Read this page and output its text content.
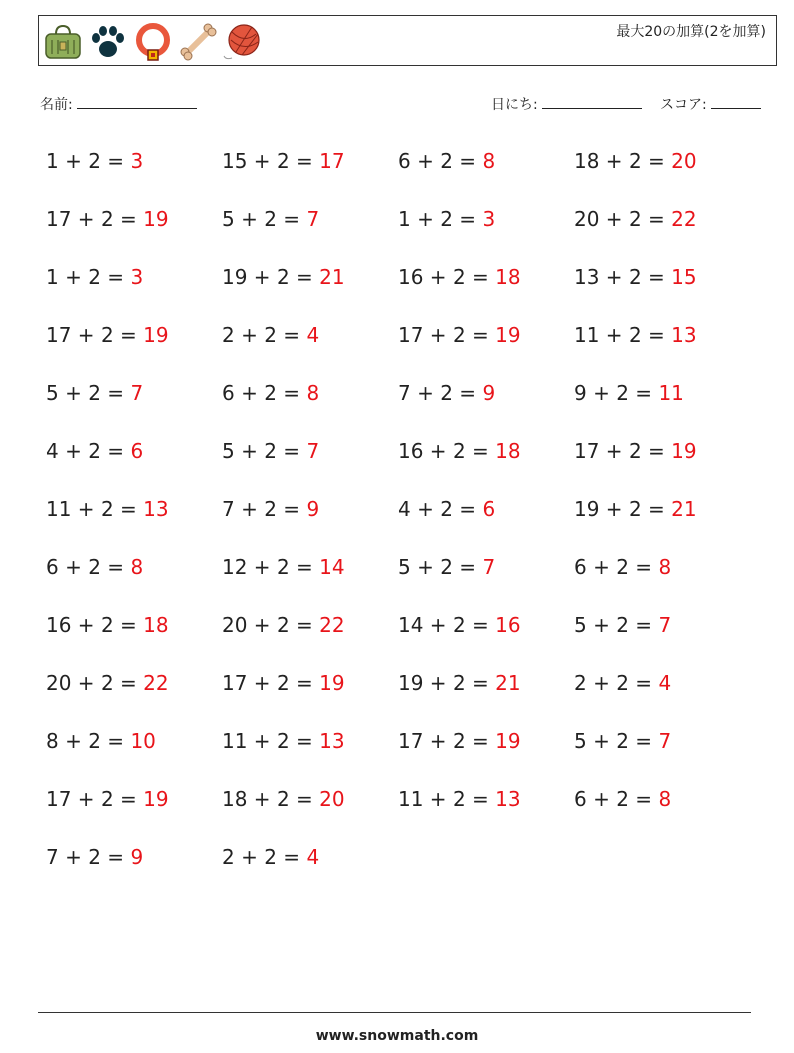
最大20の加算(2を加算)
名前:	日にち:	スコア:
1 + 2 = 3	15 + 2 = 17	6 + 2 = 8	18 + 2 = 20
17 + 2 = 19	5 + 2 = 7	1 + 2 = 3	20 + 2 = 22
1 + 2 = 3	19 + 2 = 21	16 + 2 = 18	13 + 2 = 15
17 + 2 = 19	2 + 2 = 4	17 + 2 = 19	11 + 2 = 13
5 + 2 = 7	6 + 2 = 8	7 + 2 = 9	9 + 2 = 11
4 + 2 = 6	5 + 2 = 7	16 + 2 = 18	17 + 2 = 19
11 + 2 = 13	7 + 2 = 9	4 + 2 = 6	19 + 2 = 21
6 + 2 = 8	12 + 2 = 14	5 + 2 = 7	6 + 2 = 8
16 + 2 = 18	20 + 2 = 22	14 + 2 = 16	5 + 2 = 7
20 + 2 = 22	17 + 2 = 19	19 + 2 = 21	2 + 2 = 4
8 + 2 = 10	11 + 2 = 13	17 + 2 = 19	5 + 2 = 7
17 + 2 = 19	18 + 2 = 20	11 + 2 = 13	6 + 2 = 8
7 + 2 = 9	2 + 2 = 4
www.snowmath.com
